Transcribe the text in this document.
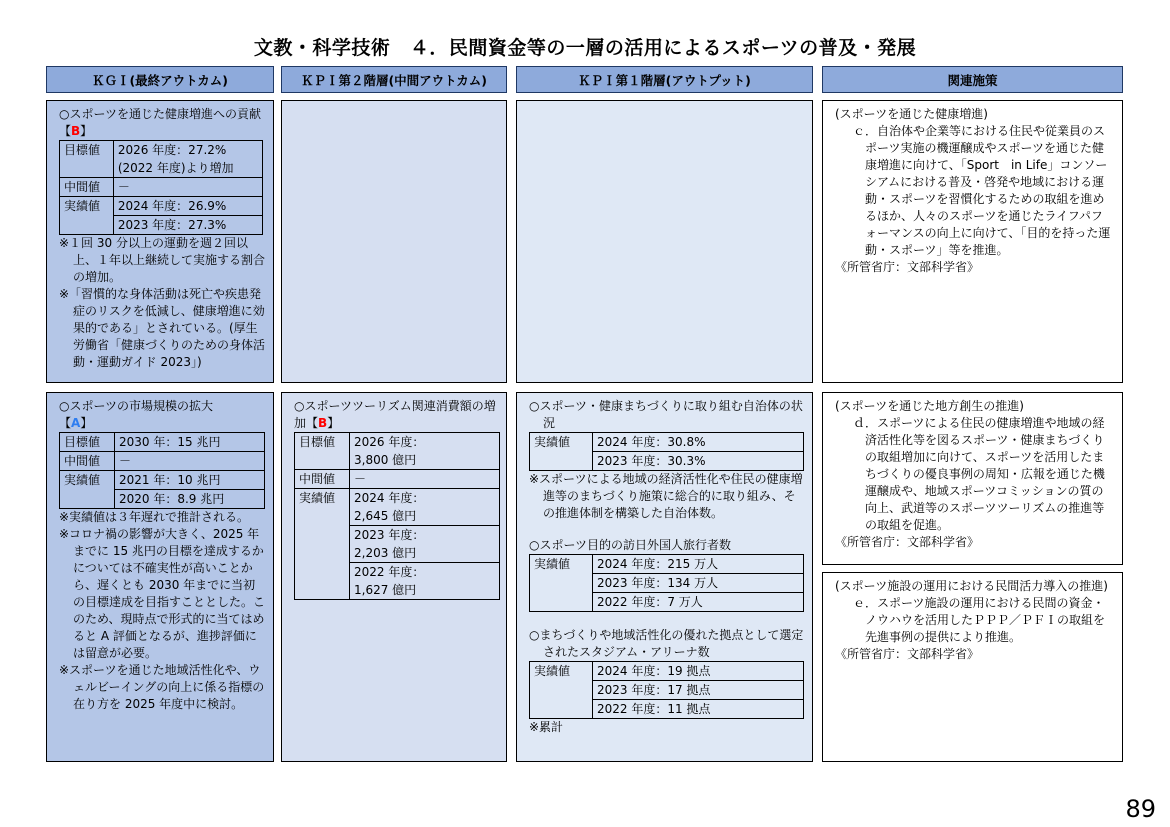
文教・科学技術　４．民間資金等の一層の活用によるスポーツの普及・発展
ＫＧＩ(最終アウトカム)	ＫＰＩ第２階層(中間アウトカム)	ＫＰＩ第１階層(アウトプット)	関連施策

○スポーツを通じた健康増進への貢献【B】

目標値	2026 年度：27.2%
	(2022 年度)より増加
中間値	－
実績値	2024 年度：26.9%
	2023 年度：27.3%

※１回 30 分以上の運動を週２回以上、１年以上継続して実施する割合の増加。

※「習慣的な身体活動は死亡や疾患発症のリスクを低減し、健康増進に効果的である」とされている。(厚生労働省「健康づくりのための身体活動・運動ガイド 2023」)

(スポーツを通じた健康増進)

ｃ．自治体や企業等における住民や従業員のスポーツ実施の機運醸成やスポーツを通じた健康増進に向けて、「Sport　in Life」コンソーシアムにおける普及・啓発や地域における運動・スポーツを習慣化するための取組を進めるほか、人々のスポーツを通じたライフパフォーマンスの向上に向けて、「目的を持った運動・スポーツ」等を推進。

《所管省庁：文部科学省》

○スポーツの市場規模の拡大
【A】

目標値	2030 年：15 兆円
中間値	－
実績値	2021 年：10 兆円
	2020 年：8.9 兆円

※実績値は３年遅れで推計される。

※コロナ禍の影響が大きく、2025 年までに 15 兆円の目標を達成するかについては不確実性が高いことから、遅くとも 2030 年までに当初の目標達成を目指すこととした。このため、現時点で形式的に当てはめると A 評価となるが、進捗評価には留意が必要。

※スポーツを通じた地域活性化や、ウェルビーイングの向上に係る指標の在り方を 2025 年度中に検討。

○スポーツツーリズム関連消費額の増加【B】

目標値	2026 年度：
	3,800 億円
中間値	－
実績値	2024 年度：
	2,645 億円
	2023 年度：
	2,203 億円
	2022 年度：
	1,627 億円

○スポーツ・健康まちづくりに取り組む自治体の状況

実績値	2024 年度：30.8%
2023 年度：30.3%

※スポーツによる地域の経済活性化や住民の健康増進等のまちづくり施策に総合的に取り組み、その推進体制を構築した自治体数。

○スポーツ目的の訪日外国人旅行者数

実績値	2024 年度：215 万人
2023 年度：134 万人
2022 年度：7 万人

○まちづくりや地域活性化の優れた拠点として選定されたスタジアム・アリーナ数

実績値	2024 年度：19 拠点
2023 年度：17 拠点
2022 年度：11 拠点

※累計

(スポーツを通じた地方創生の推進)

ｄ．スポーツによる住民の健康増進や地域の経済活性化等を図るスポーツ・健康まちづくりの取組増加に向けて、スポーツを活用したまちづくりの優良事例の周知・広報を通じた機運醸成や、地域スポーツコミッションの質の向上、武道等のスポーツツーリズムの推進等の取組を促進。

《所管省庁：文部科学省》

(スポーツ施設の運用における民間活力導入の推進)

ｅ．スポーツ施設の運用における民間の資金・ノウハウを活用したＰＰＰ／ＰＦＩの取組を先進事例の提供により推進。

《所管省庁：文部科学省》

89
